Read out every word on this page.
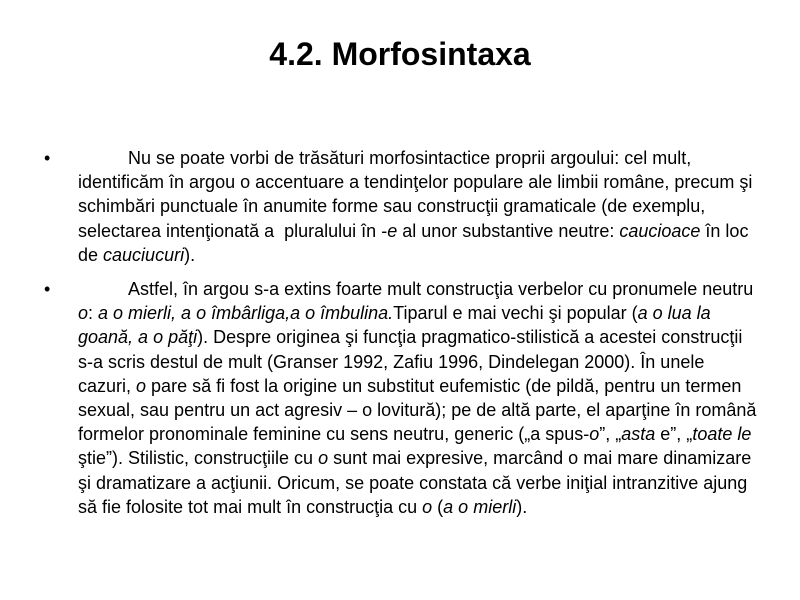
4.2. Morfosintaxa
•	Nu se poate vorbi de trăsături morfosintactice proprii argoului: cel mult, identificăm în argou o accentuare a tendinţelor populare ale limbii române, precum şi schimbări punctuale în anumite forme sau construcţii gramaticale (de exemplu, selectarea intenţionată a  pluralului în -e al unor substantive neutre: caucioace în loc de cauciucuri).
•	Astfel, în argou s-a extins foarte mult construcţia verbelor cu pronumele neutru o: a o mierli, a o îmbârliga,a o îmbulina.Tiparul e mai vechi şi popular (a o lua la goană, a o păţi). Despre originea şi funcţia pragmatico-stilistică a acestei construcţii s-a scris destul de mult (Granser 1992, Zafiu 1996, Dindelegan 2000). În unele cazuri, o pare să fi fost la origine un substitut eufemistic (de pildă, pentru un termen sexual, sau pentru un act agresiv – o lovitură); pe de altă parte, el aparţine în română formelor pronominale feminine cu sens neutru, generic („a spus-o”, „asta e”, „toate le ştie”). Stilistic, construcţiile cu o sunt mai expresive, marcând o mai mare dinamizare şi dramatizare a acţiunii. Oricum, se poate constata că verbe iniţial intranzitive ajung să fie folosite tot mai mult în construcţia cu o (a o mierli).
